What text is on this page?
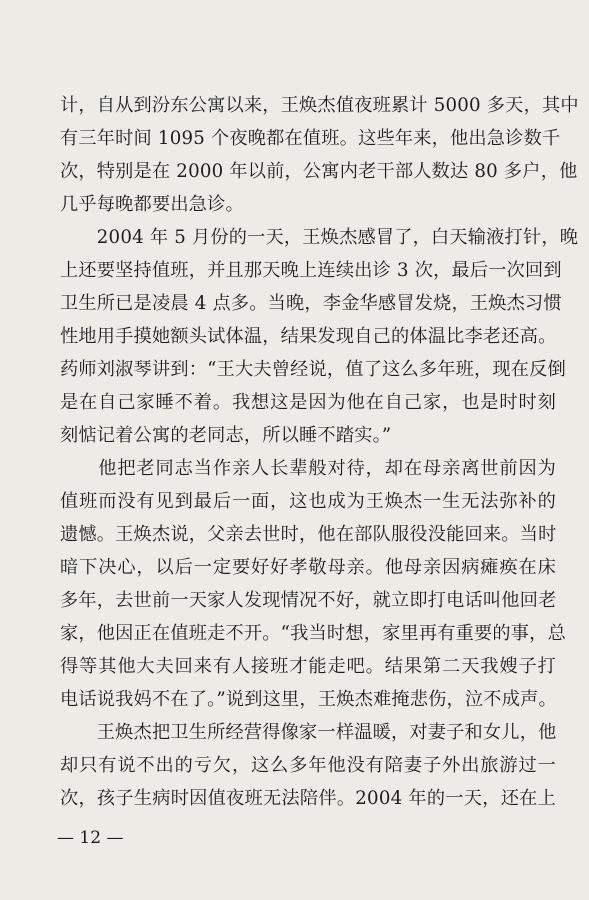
计，自从到汾东公寓以来，王焕杰值夜班累计 5000 多天，其中
有三年时间 1095 个夜晚都在值班。这些年来，他出急诊数千
次，特别是在 2000 年以前，公寓内老干部人数达 80 多户，他
几乎每晚都要出急诊。
　　2004 年 5 月份的一天，王焕杰感冒了，白天输液打针，晚
上还要坚持值班，并且那天晚上连续出诊 3 次，最后一次回到
卫生所已是凌晨 4 点多。当晚，李金华感冒发烧，王焕杰习惯
性地用手摸她额头试体温，结果发现自己的体温比李老还高。
药师刘淑琴讲到：“王大夫曾经说，值了这么多年班，现在反倒
是在自己家睡不着。我想这是因为他在自己家，也是时时刻
刻惦记着公寓的老同志，所以睡不踏实。”
　　他把老同志当作亲人长辈般对待，却在母亲离世前因为
值班而没有见到最后一面，这也成为王焕杰一生无法弥补的
遗憾。王焕杰说，父亲去世时，他在部队服役没能回来。当时
暗下决心，以后一定要好好孝敬母亲。他母亲因病瘫痪在床
多年，去世前一天家人发现情况不好，就立即打电话叫他回老
家，他因正在值班走不开。“我当时想，家里再有重要的事，总
得等其他大夫回来有人接班才能走吧。结果第二天我嫂子打
电话说我妈不在了。”说到这里，王焕杰难掩悲伤，泣不成声。
　　王焕杰把卫生所经营得像家一样温暖，对妻子和女儿，他
却只有说不出的亏欠，这么多年他没有陪妻子外出旅游过一
次，孩子生病时因值夜班无法陪伴。2004 年的一天，还在上
— 12 —
